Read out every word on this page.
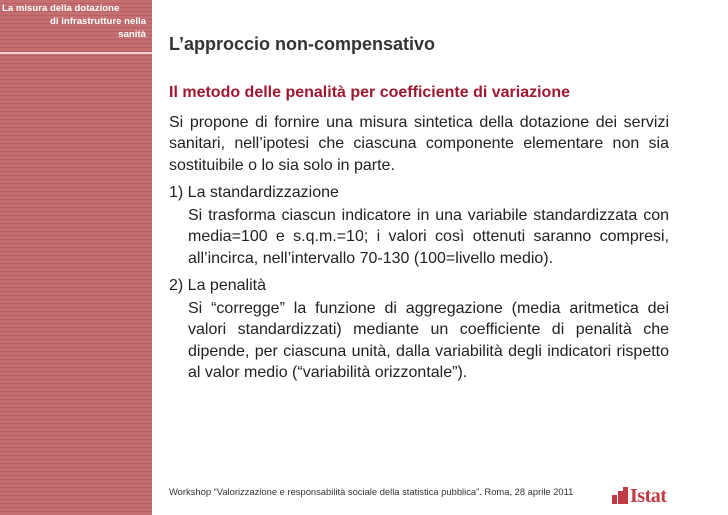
La misura della dotazione
di infrastrutture nella
sanità L’approccio non-compensativo
Il metodo delle penalità per coefficiente di variazione

Si propone di fornire una misura sintetica della dotazione dei servizi sanitari, nell’ipotesi che ciascuna componente elementare non sia sostituibile o lo sia solo in parte.

1) La standardizzazione

Si trasforma ciascun indicatore in una variabile standardizzata con media=100 e s.q.m.=10; i valori così ottenuti saranno compresi, all’incirca, nell’intervallo 70-130 (100=livello medio).

2) La penalità

Si “corregge” la funzione di aggregazione (media aritmetica dei valori standardizzati) mediante un coefficiente di penalità che dipende, per ciascuna unità, dalla variabilità degli indicatori rispetto al valor medio (“variabilità orizzontale”).

Workshop “Valorizzazione e responsabilità sociale della statistica pubblica”. Roma, 28 aprile 2011	Istat
